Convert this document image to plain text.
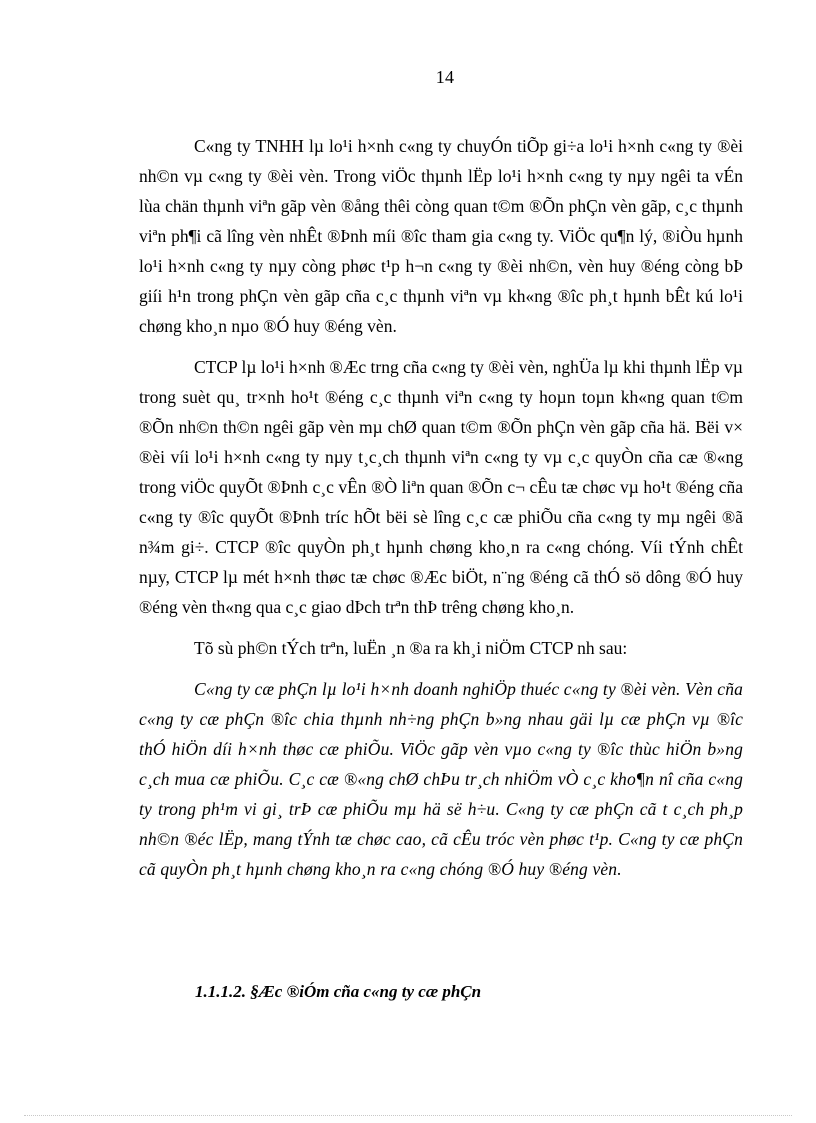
14

C«ng ty TNHH lµ lo¹i h×nh c«ng ty chuyÓn tiÕp gi÷a lo¹i h×nh c«ng ty ®èi nh©n vµ c«ng ty ®èi vèn. Trong viÖc thµnh lËp lo¹i h×nh c«ng ty nµy ngêi ta vÉn lùa chän thµnh viªn gãp vèn ®ång thêi còng quan t©m ®Õn phÇn vèn gãp, c¸c thµnh viªn ph¶i cã lîng vèn nhÊt ®Þnh míi ®îc tham gia c«ng ty. ViÖc qu¶n lý, ®iÒu hµnh lo¹i h×nh c«ng ty nµy còng phøc t¹p h¬n c«ng ty ®èi nh©n, vèn huy ®éng còng bÞ giíi h¹n trong phÇn vèn gãp cña c¸c thµnh viªn vµ kh«ng ®îc ph¸t hµnh bÊt kú lo¹i chøng kho¸n nµo ®Ó huy ®éng vèn.

CTCP lµ lo¹i h×nh ®Æc trng cña c«ng ty ®èi vèn, nghÜa lµ khi thµnh lËp vµ trong suèt qu¸ tr×nh ho¹t ®éng c¸c thµnh viªn c«ng ty hoµn toµn kh«ng quan t©m ®Õn nh©n th©n ngêi gãp vèn mµ chØ quan t©m ®Õn phÇn vèn gãp cña hä. Bëi v× ®èi víi lo¹i h×nh c«ng ty nµy t¸c¸ch thµnh viªn c«ng ty vµ c¸c quyÒn cña cæ ®«ng trong viÖc quyÕt ®Þnh c¸c vÊn ®Ò liªn quan ®Õn c¬ cÊu tæ chøc vµ ho¹t ®éng cña c«ng ty ®îc quyÕt ®Þnh tríc hÕt bëi sè lîng c¸c cæ phiÕu cña c«ng ty mµ ngêi ®ã n¾m gi÷. CTCP ®îc quyÒn ph¸t hµnh chøng kho¸n ra c«ng chóng. Víi tÝnh chÊt nµy, CTCP lµ mét h×nh thøc tæ chøc ®Æc biÖt, n¨ng ®éng cã thÓ sö dông ®Ó huy ®éng vèn th«ng qua c¸c giao dÞch trªn thÞ trêng chøng kho¸n.

Tõ sù ph©n tÝch trªn, luËn ¸n ®a ra kh¸i niÖm CTCP nh sau:

C«ng ty cæ phÇn lµ lo¹i h×nh doanh nghiÖp thuéc c«ng ty ®èi vèn. Vèn cña c«ng ty cæ phÇn ®îc chia thµnh nh÷ng phÇn b»ng nhau gäi lµ cæ phÇn vµ ®îc thÓ hiÖn díi h×nh thøc cæ phiÕu. ViÖc gãp vèn vµo c«ng ty ®îc thùc hiÖn b»ng c¸ch mua cæ phiÕu. C¸c cæ ®«ng chØ chÞu tr¸ch nhiÖm vÒ c¸c kho¶n nî cña c«ng ty trong ph¹m vi gi¸ trÞ cæ phiÕu mµ hä së h÷u. C«ng ty cæ phÇn cã t c¸ch ph¸p nh©n ®éc lËp, mang tÝnh tæ chøc cao, cã cÊu tróc vèn phøc t¹p. C«ng ty cæ phÇn cã quyÒn ph¸t hµnh chøng kho¸n ra c«ng chóng ®Ó huy ®éng vèn.

1.1.1.2. §Æc ®iÓm cña c«ng ty cæ phÇn
